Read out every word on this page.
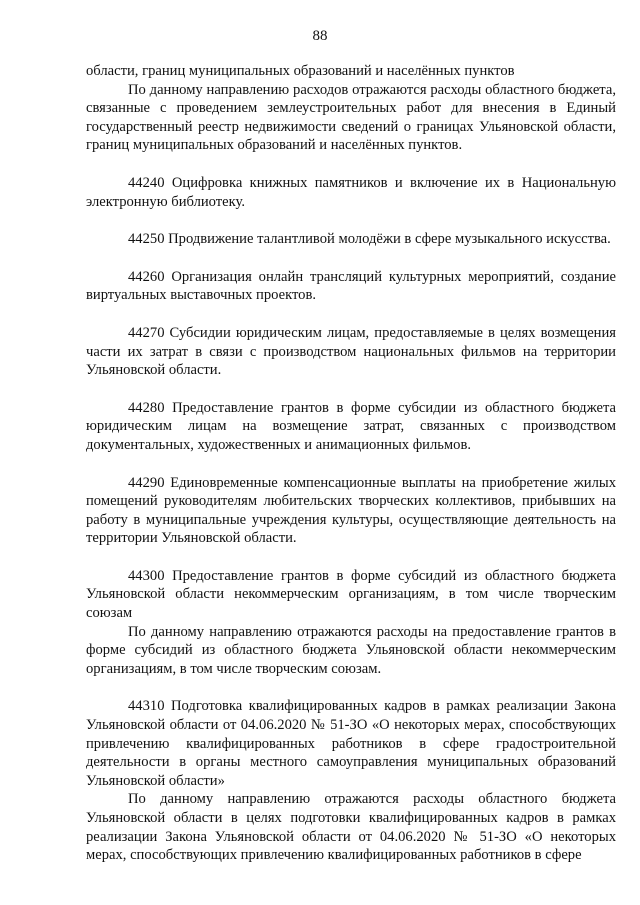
88

области, границ муниципальных образований и населённых пунктов

По данному направлению расходов отражаются расходы областного бюджета, связанные с проведением землеустроительных работ для внесения в Единый государственный реестр недвижимости сведений о границах Ульяновской области, границ муниципальных образований и населённых пунктов.

44240 Оцифровка книжных памятников и включение их в Национальную электронную библиотеку.

44250 Продвижение талантливой молодёжи в сфере музыкального искусства.

44260 Организация онлайн трансляций культурных мероприятий, создание виртуальных выставочных проектов.

44270 Субсидии юридическим лицам, предоставляемые в целях возмещения части их затрат в связи с производством национальных фильмов на территории Ульяновской области.

44280 Предоставление грантов в форме субсидии из областного бюджета юридическим лицам на возмещение затрат, связанных с производством документальных, художественных и анимационных фильмов.

44290 Единовременные компенсационные выплаты на приобретение жилых помещений руководителям любительских творческих коллективов, прибывших на работу в муниципальные учреждения культуры, осуществляющие деятельность на территории Ульяновской области.

44300 Предоставление грантов в форме субсидий из областного бюджета Ульяновской области некоммерческим организациям, в том числе творческим союзам

По данному направлению отражаются расходы на предоставление грантов в форме субсидий из областного бюджета Ульяновской области некоммерческим организациям, в том числе творческим союзам.

44310 Подготовка квалифицированных кадров в рамках реализации Закона Ульяновской области от 04.06.2020 № 51-ЗО «О некоторых мерах, способствующих привлечению квалифицированных работников в сфере градостроительной деятельности в органы местного самоуправления муниципальных образований Ульяновской области»

По данному направлению отражаются расходы областного бюджета Ульяновской области в целях подготовки квалифицированных кадров в рамках реализации Закона Ульяновской области от 04.06.2020 № 51-ЗО «О некоторых мерах, способствующих привлечению квалифицированных работников в сфере
